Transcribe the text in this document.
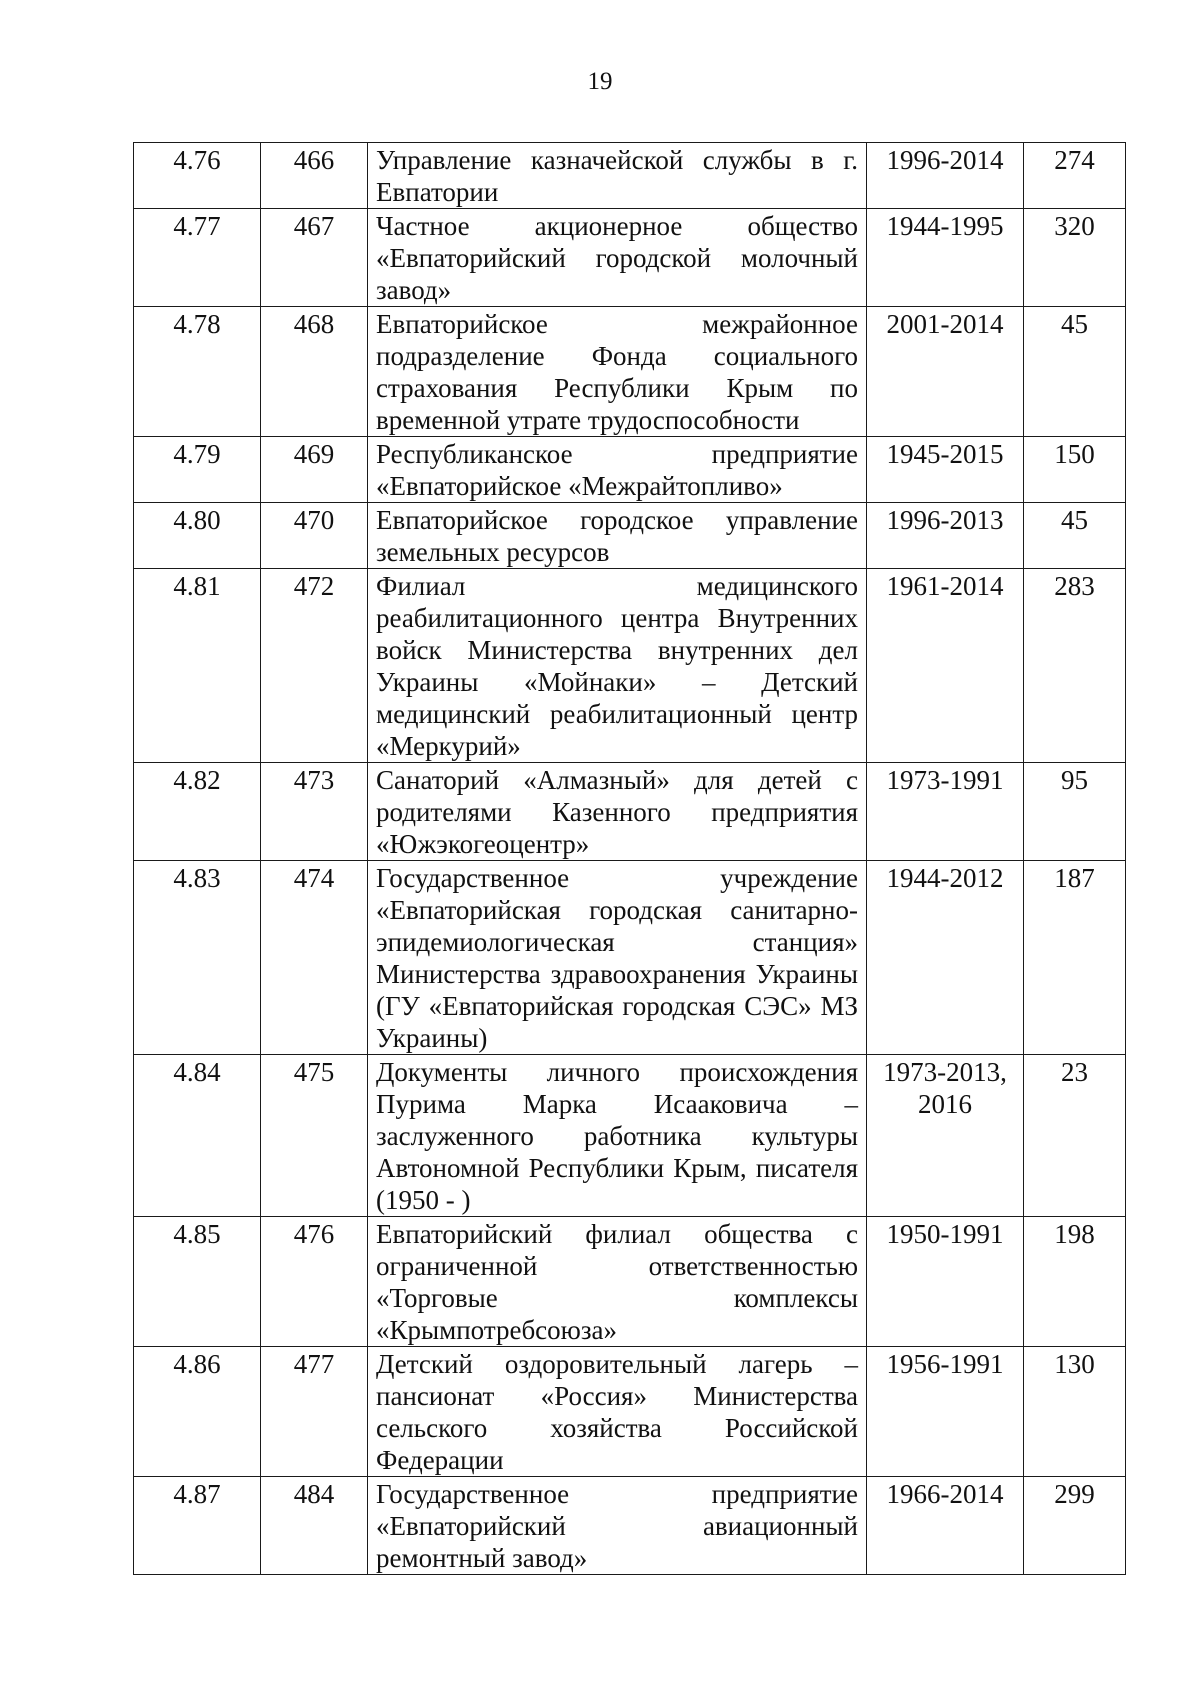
19
4.76	466	Управление казначейской службы в г. Евпатории	1996-2014	274
4.77	467	Частное акционерное общество «Евпаторийский городской молочный завод»	1944-1995	320
4.78	468	Евпаторийское межрайонное подразделение Фонда социального страхования Республики Крым по временной утрате трудоспособности	2001-2014	45
4.79	469	Республиканское предприятие «Евпаторийское «Межрайтопливо»	1945-2015	150
4.80	470	Евпаторийское городское управление земельных ресурсов	1996-2013	45
4.81	472	Филиал медицинского реабилитационного центра Внутренних войск Министерства внутренних дел Украины «Мойнаки» – Детский медицинский реабилитационный центр «Меркурий»	1961-2014	283
4.82	473	Санаторий «Алмазный» для детей с родителями Казенного предприятия «Южэкогеоцентр»	1973-1991	95
4.83	474	Государственное учреждение «Евпаторийская городская санитарно-эпидемиологическая станция» Министерства здравоохранения Украины (ГУ «Евпаторийская городская СЭС» МЗ Украины)	1944-2012	187
4.84	475	Документы личного происхождения Пурима Марка Исааковича – заслуженного работника культуры Автономной Республики Крым, писателя (1950 - )	1973-2013, 2016	23
4.85	476	Евпаторийский филиал общества с ограниченной ответственностью «Торговые комплексы «Крымпотребсоюза»	1950-1991	198
4.86	477	Детский оздоровительный лагерь – пансионат «Россия» Министерства сельского хозяйства Российской Федерации	1956-1991	130
4.87	484	Государственное предприятие «Евпаторийский авиационный ремонтный завод»	1966-2014	299
